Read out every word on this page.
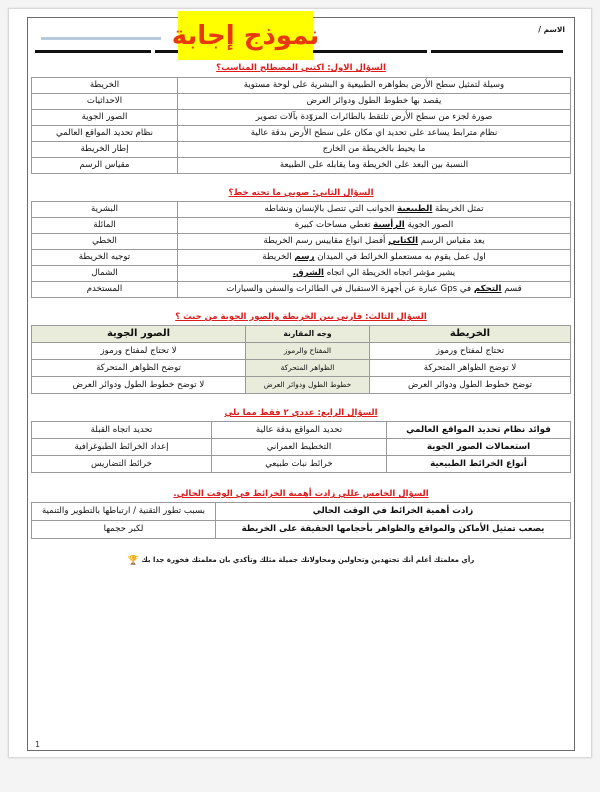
الاسم /
السؤال الاول: اكتبي المصطلح المناسب؟
وسيلة لتمثيل سطح الأرض بظواهره الطبيعية و البشرية على لوحة مستوية	الخريطة
يقصد بها خطوط الطول ودوائر العرض	الاحداثيات
صورة لجزء من سطح الأرض تلتقط بالطائرات المزوّدة بآلات تصوير	الصور الجوية
نظام مترابط يساعد على تحديد اي مكان على سطح الأرض بدقة عالية	نظام تحديد المواقع العالمي
ما يحيط بالخريطة من الخارج	إطار الخريطة
النسبة بين البعد على الخريطة وما يقابله على الطبيعة	مقياس الرسم
السؤال الثاني: صوبي ما تحته خط؟
تمثل الخريطة الطبيعية الجوانب التي تتصل بالإنسان ونشاطه	البشرية
الصور الجوية الرأسية تغطي مساحات كبيرة	المائلة
يعد مقياس الرسم الكتابي أفضل انواع مقاييس رسم الخريطة	الخطي
اول عمل يقوم به مستعملو الخرائط في الميدان رسم الخريطة	توجيه الخريطة
يشير مؤشر اتجاه الخريطة الي اتجاه الشرق.	الشمال
قسم التحكم في Gps عبارة عن أجهزة الاستقبال في الطائرات والسفن والسيارات	المستخدم
السؤال الثالث: قارني بين الخريطة والصور الجوية من حيث ؟
الخريطة	وجه المقارنة	الصور الجوية
تحتاج لمفتاح ورموز	المفتاح والرموز	لا تحتاج لمفتاح ورموز
لا توضح الظواهر المتحركة	الظواهر المتحركة	توضح الظواهر المتحركة
توضح خطوط الطول ودوائر العرض	خطوط الطول ودوائر العرض	لا توضح خطوط الطول ودوائر العرض
السؤال الرابع: عددي ٢ فقط مما يلي
فوائد نظام تحديد المواقع العالمي	تحديد المواقع بدقة عالية	تحديد اتجاه القبلة
استعمالات الصور الجوية	التخطيط العمراني	إعداد الخرائط الطبوغرافية
أنواع الخرائط الطبيعية	خرائط نبات طبيعي	خرائط التضاريس
السؤال الخامس عللي زادت أهمية الخرائط في الوقت الحالي.
زادت أهمية الخرائط في الوقت الحالي	بسبب تطور التقنية / ارتباطها بالتطوير والتنمية
يصعب تمثيل الأماكن والمواقع والظواهر بأحجامها الحقيقة على الخريطة	لكبر حجمها
رأي معلمتك أعلم أنك تجتهدين وتحاولين ومحاولاتك جميلة مثلك وتأكدي بان معلمتك فخورة جدا بك 🏆
1
نموذج إجابة
